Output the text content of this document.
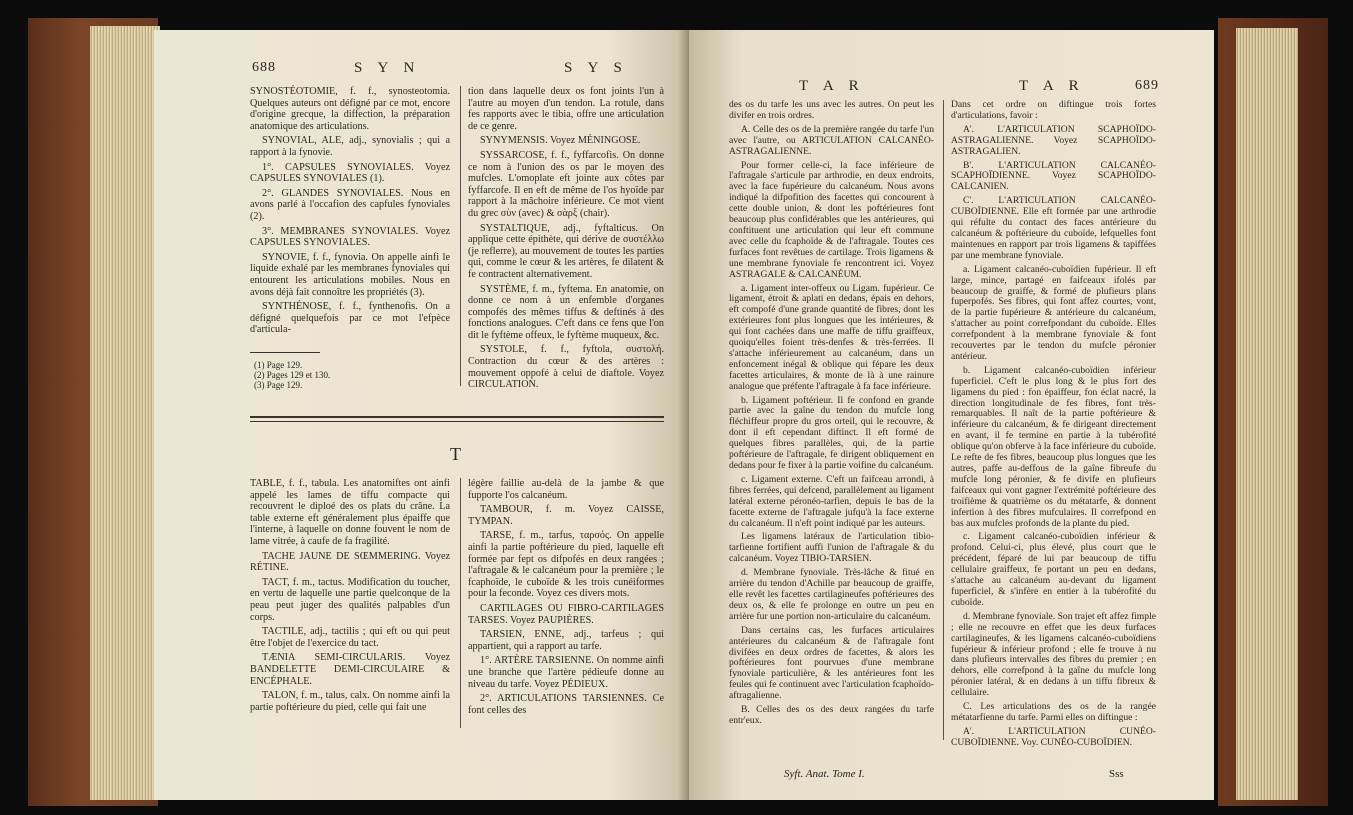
688	S Y N	S Y S

SYNOSTÉOTOMIE, f. f., synosteotomia. Quelques auteurs ont défigné par ce mot, encore d'origine grecque, la diffection, la préparation anatomique des articulations.

SYNOVIAL, ALE, adj., synovialis ; qui a rapport à la fynovie.

1°. CAPSULES SYNOVIALES. Voyez CAPSULES SYNOVIALES (1).

2°. GLANDES SYNOVIALES. Nous en avons parlé à l'occafion des capfules fynoviales (2).

3°. MEMBRANES SYNOVIALES. Voyez CAPSULES SYNOVIALES.

SYNOVIE, f. f., fynovia. On appelle ainfi le liquide exhalé par les membranes fynoviales qui entourent les articulations mobiles. Nous en avons déjà fait connoître les propriétés (3).

SYNTHÉNOSE, f. f., fynthenofis. On a défigné quelquefois par ce mot l'efpèce d'articula-

(1) Page 129.
(2) Pages 129 et 130.
(3) Page 129.

tion dans laquelle deux os font joints l'un à l'autre au moyen d'un tendon. La rotule, dans fes rapports avec le tibia, offre une articulation de ce genre.

SYNYMENSIS. Voyez MÉNINGOSE.

SYSSARCOSE, f. f., fyffarcofis. On donne ce nom à l'union des os par le moyen des mufcles. L'omoplate eft jointe aux côtes par fyffarcofe. Il en eft de même de l'os hyoïde par rapport à la mâchoire inférieure. Ce mot vient du grec σὺν (avec) & σὰρξ (chair).

SYSTALTIQUE, adj., fyftalticus. On applique cette épithète, qui dérive de συστέλλω (je reflerre), au mouvement de toutes les parties qui, comme le cœur & les artères, fe dilatent & fe contractent alternativement.

SYSTÈME, f. m., fyftema. En anatomie, on donne ce nom à un enfemble d'organes compofés des mêmes tiffus & deftinés à des fonctions analogues. C'eft dans ce fens que l'on dit le fyftème offeux, le fyftème muqueux, &c.

SYSTOLE, f. f., fyftola, συστολή. Contraction du cœur & des artères : mouvement oppofé à celui de diaftole. Voyez CIRCULATION.

T

TABLE, f. f., tabula. Les anatomiftes ont ainfi appelé les lames de tiffu compacte qui recouvrent le diploé des os plats du crâne. La table externe eft généralement plus épaiffe que l'interne, à laquelle on donne fouvent le nom de lame vitrée, à caufe de fa fragilité.

TACHE JAUNE DE SŒMMERING. Voyez RÉTINE.

TACT, f. m., tactus. Modification du toucher, en vertu de laquelle une partie quelconque de la peau peut juger des qualités palpables d'un corps.

TACTILE, adj., tactilis ; qui eft ou qui peut être l'objet de l'exercice du tact.

TÆNIA SEMI-CIRCULARIS. Voyez BANDELETTE DEMI-CIRCULAIRE & ENCÉPHALE.

TALON, f. m., talus, calx. On nomme ainfi la partie poftérieure du pied, celle qui fait une

légère faillie au-delà de la jambe & que fupporte l'os calcanéum.

TAMBOUR, f. m. Voyez CAISSE, TYMPAN.

TARSE, f. m., tarfus, ταρσός. On appelle ainfi la partie poftérieure du pied, laquelle eft formée par fept os difpofés en deux rangées ; l'aftragale & le calcanéum pour la première ; le fcaphoïde, le cuboïde & les trois cunéiformes pour la feconde. Voyez ces divers mots.

CARTILAGES OU FIBRO-CARTILAGES TARSES. Voyez PAUPIÈRES.

TARSIEN, ENNE, adj., tarfeus ; qui appartient, qui a rapport au tarfe.

1°. ARTÈRE TARSIENNE. On nomme ainfi une branche que l'artère pédieufe donne au niveau du tarfe. Voyez PÉDIEUX.

2°. ARTICULATIONS TARSIENNES. Ce font celles des

T A R	T A R	689

des os du tarfe les uns avec les autres. On peut les divifer en trois ordres.

A. Celle des os de la première rangée du tarfe l'un avec l'autre, ou ARTICULATION CALCANÉO-ASTRAGALIENNE.

Pour former celle-ci, la face inférieure de l'aftragale s'articule par arthrodie, en deux endroits, avec la face fupérieure du calcanéum. Nous avons indiqué la difpofition des facettes qui concourent à cette double union, & dont les poftérieures font beaucoup plus confidérables que les antérieures, qui conftituent une articulation qui leur eft commune avec celle du fcaphoïde & de l'aftragale. Toutes ces furfaces font revêtues de cartilage. Trois ligamens & une membrane fynoviale fe rencontrent ici. Voyez ASTRAGALE & CALCANÉUM.

a. Ligament inter-offeux ou Ligam. fupérieur. Ce ligament, étroit & aplati en dedans, épais en dehors, eft compofé d'une grande quantité de fibres, dont les extérieures font plus longues que les intérieures, & qui font cachées dans une maffe de tiffu graiffeux, quoiqu'elles foient très-denfes & très-ferrées. Il s'attache inférieurement au calcanéum, dans un enfoncement inégal & oblique qui fépare les deux facettes articulaires, & monte de là à une rainure analogue que préfente l'aftragale à fa face inférieure.

b. Ligament poftérieur. Il fe confond en grande partie avec la gaîne du tendon du mufcle long fléchiffeur propre du gros orteil, qui le recouvre, & dont il eft cependant diftinct. Il eft formé de quelques fibres parallèles, qui, de la partie poftérieure de l'aftragale, fe dirigent obliquement en dedans pour fe fixer à la partie voifine du calcanéum.

c. Ligament externe. C'eft un faifceau arrondi, à fibres ferrées, qui defcend, parallèlement au ligament latéral externe péronéo-tarfien, depuis le bas de la facette externe de l'aftragale jufqu'à la face externe du calcanéum. Il n'eft point indiqué par les auteurs.

Les ligamens latéraux de l'articulation tibio-tarfienne fortifient auffi l'union de l'aftragale & du calcanéum. Voyez TIBIO-TARSIEN.

d. Membrane fynoviale. Très-lâche & fitué en arrière du tendon d'Achille par beaucoup de graiffe, elle revêt les facettes cartilagineufes poftérieures des deux os, & elle fe prolonge en outre un peu en arrière fur une portion non-articulaire du calcanéum.

Dans certains cas, les furfaces articulaires antérieures du calcanéum & de l'aftragale font divifées en deux ordres de facettes, & alors les poftérieures font pourvues d'une membrane fynoviale particulière, & les antérieures font les feules qui fe continuent avec l'articulation fcaphoïdo-aftragalienne.

B. Celles des os des deux rangées du tarfe entr'eux.

Syft. Anat. Tome I.

Dans cet ordre on diftingue trois fortes d'articulations, favoir :

A'. L'ARTICULATION SCAPHOÏDO-ASTRAGALIENNE. Voyez SCAPHOÏDO-ASTRAGALIEN.

B'. L'ARTICULATION CALCANÉO-SCAPHOÏDIENNE. Voyez SCAPHOÏDO-CALCANIEN.

C'. L'ARTICULATION CALCANÉO-CUBOÏDIENNE. Elle eft formée par une arthrodie qui réfulte du contact des faces antérieure du calcanéum & poftérieure du cuboïde, lefquelles font maintenues en rapport par trois ligamens & tapiffées par une membrane fynoviale.

a. Ligament calcanéo-cuboïdien fupérieur. Il eft large, mince, partagé en faifceaux ifolés par beaucoup de graiffe, & formé de plufieurs plans fuperpofés. Ses fibres, qui font affez courtes, vont, de la partie fupérieure & antérieure du calcanéum, s'attacher au point correfpondant du cuboïde. Elles correfpondent à la membrane fynoviale & font recouvertes par le tendon du mufcle péronier antérieur.

b. Ligament calcanéo-cuboïdien inférieur fuperficiel. C'eft le plus long & le plus fort des ligamens du pied : fon épaiffeur, fon éclat nacré, la direction longitudinale de fes fibres, font très-remarquables. Il naît de la partie poftérieure & inférieure du calcanéum, & fe dirigeant directement en avant, il fe termine en partie à la tubérofité oblique qu'on obferve à la face inférieure du cuboïde. Le refte de fes fibres, beaucoup plus longues que les autres, paffe au-deffous de la gaîne fibreufe du mufcle long péronier, & fe divife en plufieurs faifceaux qui vont gagner l'extrémité poftérieure des troifième & quatrième os du métatarfe, & donnent infertion à des fibres mufculaires. Il correfpond en bas aux mufcles profonds de la plante du pied.

c. Ligament calcanéo-cuboïdien inférieur & profond. Celui-ci, plus élevé, plus court que le précédent, féparé de lui par beaucoup de tiffu cellulaire graiffeux, fe portant un peu en dedans, s'attache au calcanéum au-devant du ligament fuperficiel, & s'infère en entier à la tubérofité du cuboïde.

d. Membrane fynoviale. Son trajet eft affez fimple ; elle ne recouvre en effet que les deux furfaces cartilagineufes, & les ligamens calcanéo-cuboïdiens fupérieur & inférieur profond ; elle fe trouve à nu dans plufieurs intervalles des fibres du premier ; en dehors, elle correfpond à la gaîne du mufcle long péronier latéral, & en dedans à un tiffu fibreux & cellulaire.

C. Les articulations des os de la rangée métatarfienne du tarfe. Parmi elles on diftingue :

A'. L'ARTICULATION CUNÉO-CUBOÏDIENNE. Voy. CUNÉO-CUBOÏDIEN.

Sss
